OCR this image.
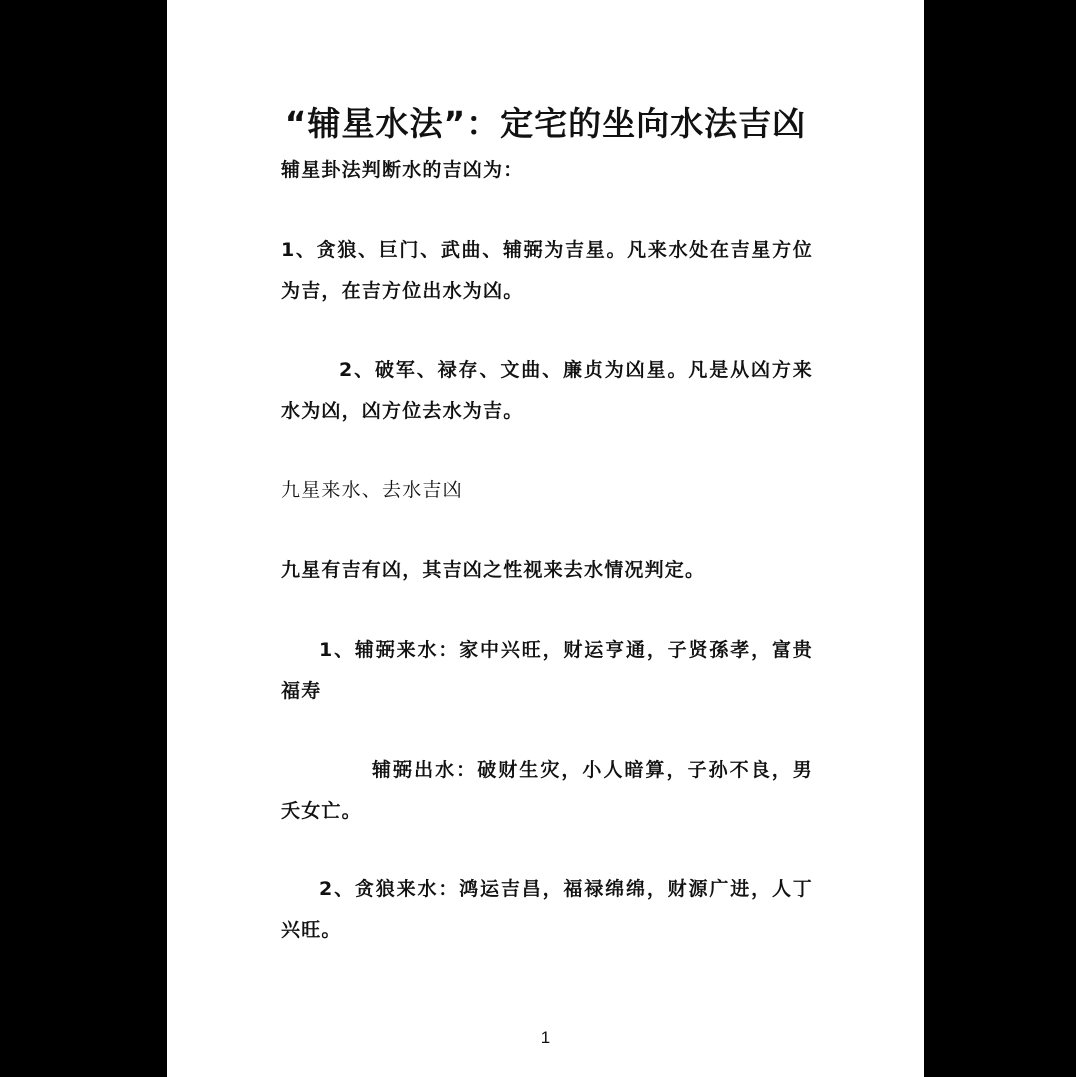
“辅星水法”：定宅的坐向水法吉凶
辅星卦法判断水的吉凶为：
1、贪狼、巨门、武曲、辅弼为吉星。凡来水处在吉星方位为吉，在吉方位出水为凶。
2、破军、禄存、文曲、廉贞为凶星。凡是从凶方来水为凶，凶方位去水为吉。
九星来水、去水吉凶
九星有吉有凶，其吉凶之性视来去水情况判定。
1、辅弼来水：家中兴旺，财运亨通，子贤孫孝，富贵福寿
辅弼出水：破财生灾，小人暗算，子孙不良，男夭女亡。
2、贪狼来水：鸿运吉昌，福禄绵绵，财源广进，人丁兴旺。
1
